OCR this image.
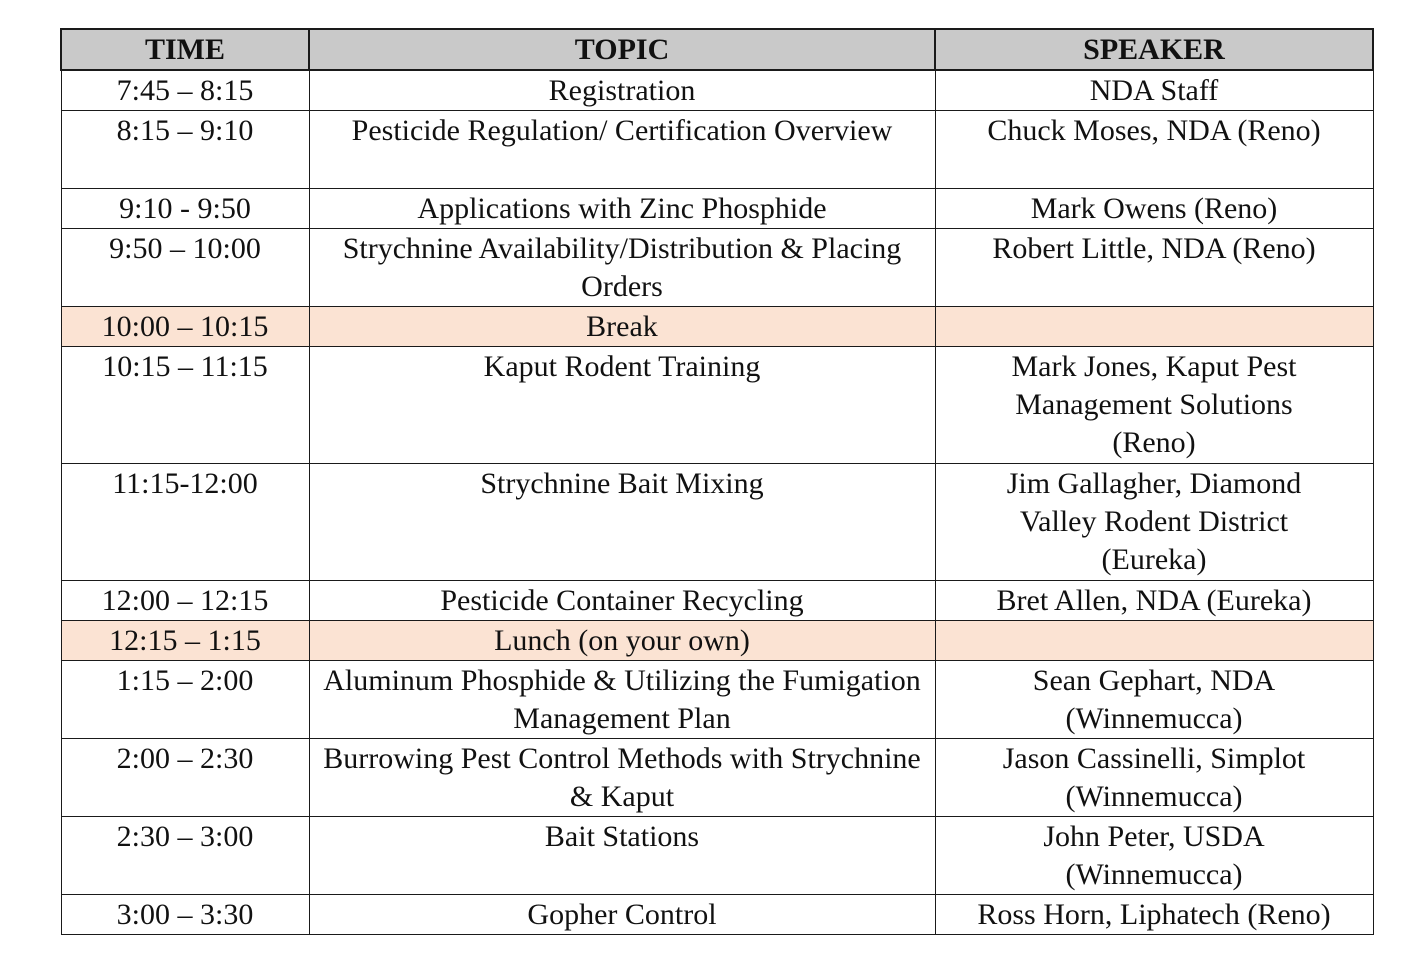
TIME	TOPIC	SPEAKER
7:45 – 8:15	Registration	NDA Staff
8:15 – 9:10	Pesticide Regulation/ Certification Overview	Chuck Moses, NDA (Reno)
9:10 - 9:50	Applications with Zinc Phosphide	Mark Owens (Reno)
9:50 – 10:00	Strychnine Availability/Distribution & Placing Orders	Robert Little, NDA (Reno)
10:00 – 10:15	Break	
10:15 – 11:15	Kaput Rodent Training	Mark Jones, Kaput Pest Management Solutions (Reno)

11:15-12:00	Strychnine Bait Mixing	Jim Gallagher, Diamond Valley Rodent District (Eureka)

12:00 – 12:15	Pesticide Container Recycling	Bret Allen, NDA (Eureka)
12:15 – 1:15	Lunch (on your own)	
1:15 – 2:00	Aluminum Phosphide & Utilizing the Fumigation Management Plan	Sean Gephart, NDA (Winnemucca)

2:00 – 2:30	Burrowing Pest Control Methods with Strychnine & Kaput	Jason Cassinelli, Simplot (Winnemucca)

2:30 – 3:00	Bait Stations	John Peter, USDA (Winnemucca)

3:00 – 3:30	Gopher Control	Ross Horn, Liphatech (Reno)
